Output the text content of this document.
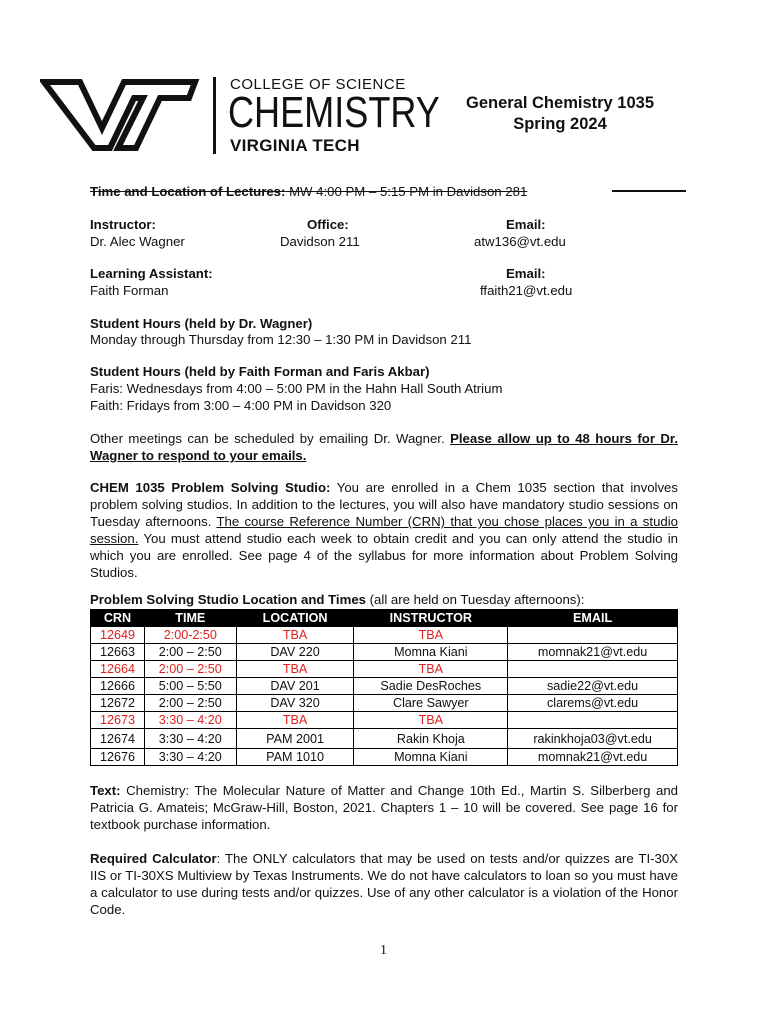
COLLEGE OF SCIENCE
CHEMISTRY
VIRGINIA TECH
General Chemistry 1035
Spring 2024
Time and Location of Lectures: MW 4:00 PM – 5:15 PM in Davidson 281
Instructor:	Office:	Email:
Dr. Alec Wagner	Davidson 211	atw136@vt.edu
Learning Assistant:	Email:
Faith Forman	ffaith21@vt.edu
Student Hours (held by Dr. Wagner)
Monday through Thursday from 12:30 – 1:30 PM in Davidson 211
Student Hours (held by Faith Forman and Faris Akbar)
Faris: Wednesdays from 4:00 – 5:00 PM in the Hahn Hall South Atrium
Faith: Fridays from 3:00 – 4:00 PM in Davidson 320
Other meetings can be scheduled by emailing Dr. Wagner. Please allow up to 48 hours for Dr. Wagner to respond to your emails.
CHEM 1035 Problem Solving Studio: You are enrolled in a Chem 1035 section that involves problem solving studios. In addition to the lectures, you will also have mandatory studio sessions on Tuesday afternoons. The course Reference Number (CRN) that you chose places you in a studio session. You must attend studio each week to obtain credit and you can only attend the studio in which you are enrolled. See page 4 of the syllabus for more information about Problem Solving Studios.
Problem Solving Studio Location and Times (all are held on Tuesday afternoons):
CRN	TIME	LOCATION	INSTRUCTOR	EMAIL
12649	2:00-2:50	TBA	TBA	
12663	2:00 – 2:50	DAV 220	Momna Kiani	momnak21@vt.edu
12664	2:00 – 2:50	TBA	TBA	
12666	5:00 – 5:50	DAV 201	Sadie DesRoches	sadie22@vt.edu
12672	2:00 – 2:50	DAV 320	Clare Sawyer	clarems@vt.edu
12673	3:30 – 4:20	TBA	TBA	
12674	3:30 – 4:20	PAM 2001	Rakin Khoja	rakinkhoja03@vt.edu
12676	3:30 – 4:20	PAM 1010	Momna Kiani	momnak21@vt.edu
Text: Chemistry: The Molecular Nature of Matter and Change 10th Ed., Martin S. Silberberg and Patricia G. Amateis; McGraw-Hill, Boston, 2021. Chapters 1 – 10 will be covered. See page 16 for textbook purchase information.
Required Calculator: The ONLY calculators that may be used on tests and/or quizzes are TI-30X IIS or TI-30XS Multiview by Texas Instruments. We do not have calculators to loan so you must have a calculator to use during tests and/or quizzes. Use of any other calculator is a violation of the Honor Code.
1
